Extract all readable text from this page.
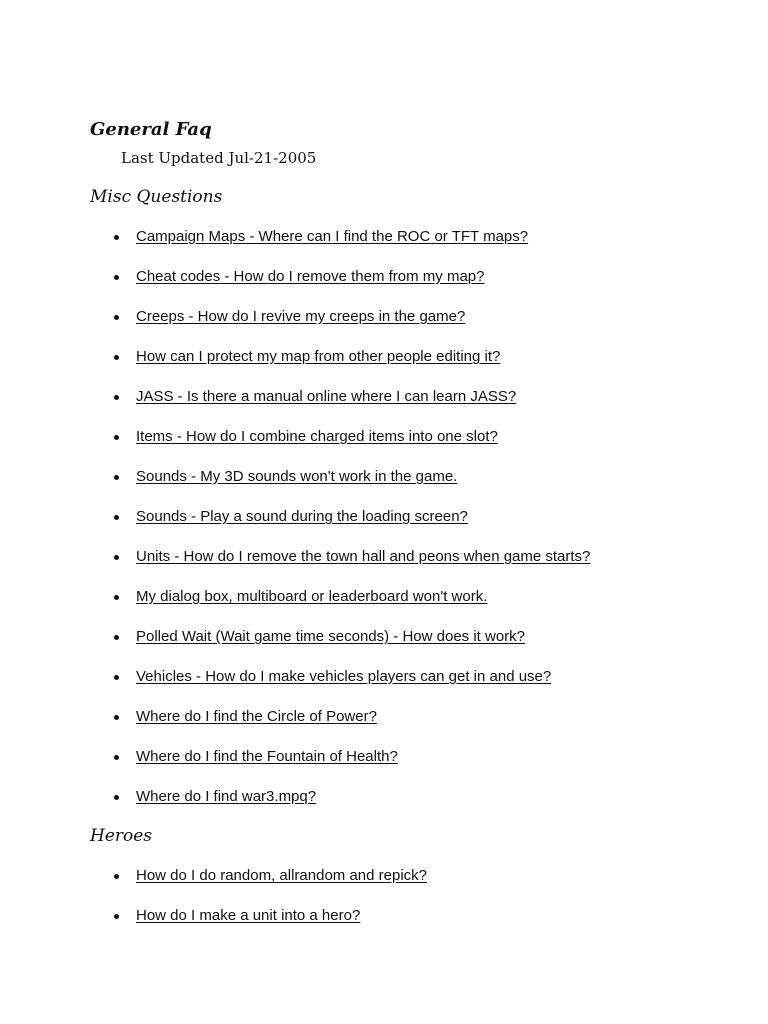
General Faq

Last Updated Jul-21-2005

Misc Questions
Campaign Maps - Where can I find the ROC or TFT maps?
Cheat codes - How do I remove them from my map?
Creeps - How do I revive my creeps in the game?
How can I protect my map from other people editing it?
JASS - Is there a manual online where I can learn JASS?
Items - How do I combine charged items into one slot?
Sounds - My 3D sounds won't work in the game.
Sounds - Play a sound during the loading screen?
Units - How do I remove the town hall and peons when game starts?
My dialog box, multiboard or leaderboard won't work.
Polled Wait (Wait game time seconds) - How does it work?
Vehicles - How do I make vehicles players can get in and use?
Where do I find the Circle of Power?
Where do I find the Fountain of Health?
Where do I find war3.mpq?
Heroes
How do I do random, allrandom and repick?
How do I make a unit into a hero?
